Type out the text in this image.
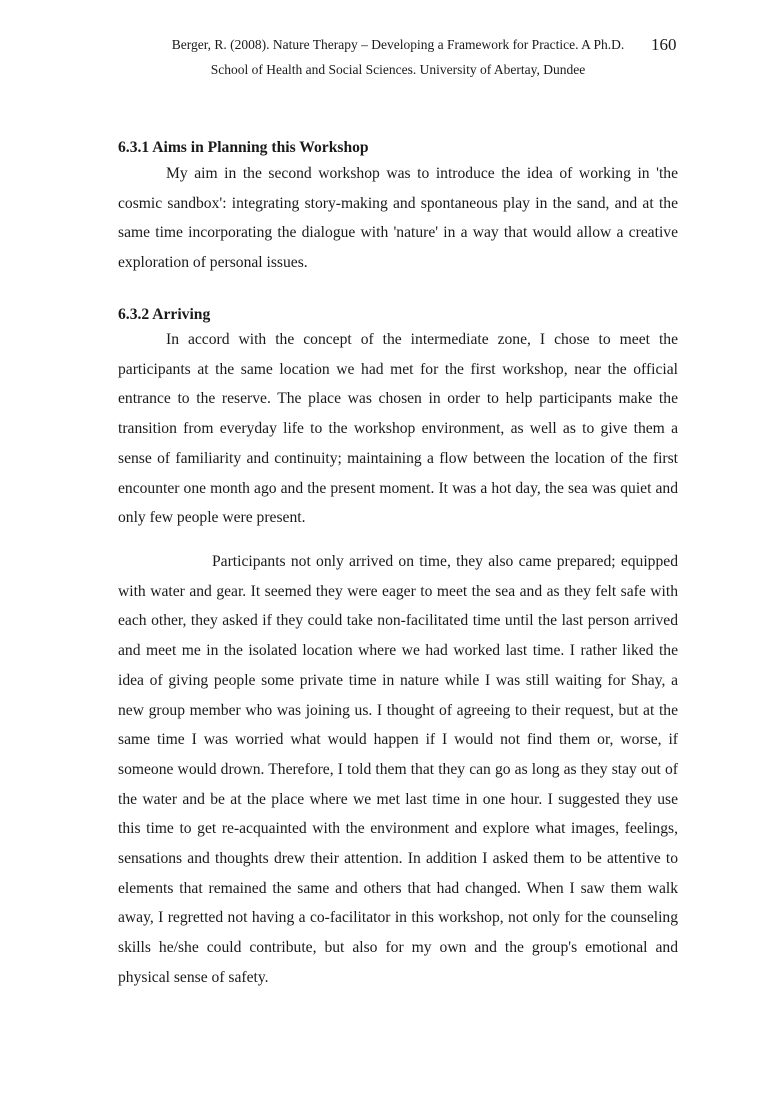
Berger, R. (2008). Nature Therapy – Developing a Framework for Practice. A Ph.D.
School of Health and Social Sciences. University of Abertay, Dundee
160
6.3.1 Aims in Planning this Workshop

My aim in the second workshop was to introduce the idea of working in 'the cosmic sandbox': integrating story-making and spontaneous play in the sand, and at the same time incorporating the dialogue with 'nature' in a way that would allow a creative exploration of personal issues.

6.3.2 Arriving

In accord with the concept of the intermediate zone, I chose to meet the participants at the same location we had met for the first workshop, near the official entrance to the reserve. The place was chosen in order to help participants make the transition from everyday life to the workshop environment, as well as to give them a sense of familiarity and continuity; maintaining a flow between the location of the first encounter one month ago and the present moment. It was a hot day, the sea was quiet and only few people were present.

Participants not only arrived on time, they also came prepared; equipped with water and gear. It seemed they were eager to meet the sea and as they felt safe with each other, they asked if they could take non-facilitated time until the last person arrived and meet me in the isolated location where we had worked last time. I rather liked the idea of giving people some private time in nature while I was still waiting for Shay, a new group member who was joining us. I thought of agreeing to their request, but at the same time I was worried what would happen if I would not find them or, worse, if someone would drown. Therefore, I told them that they can go as long as they stay out of the water and be at the place where we met last time in one hour. I suggested they use this time to get re-acquainted with the environment and explore what images, feelings, sensations and thoughts drew their attention. In addition I asked them to be attentive to elements that remained the same and others that had changed. When I saw them walk away, I regretted not having a co-facilitator in this workshop, not only for the counseling skills he/she could contribute, but also for my own and the group's emotional and physical sense of safety.
